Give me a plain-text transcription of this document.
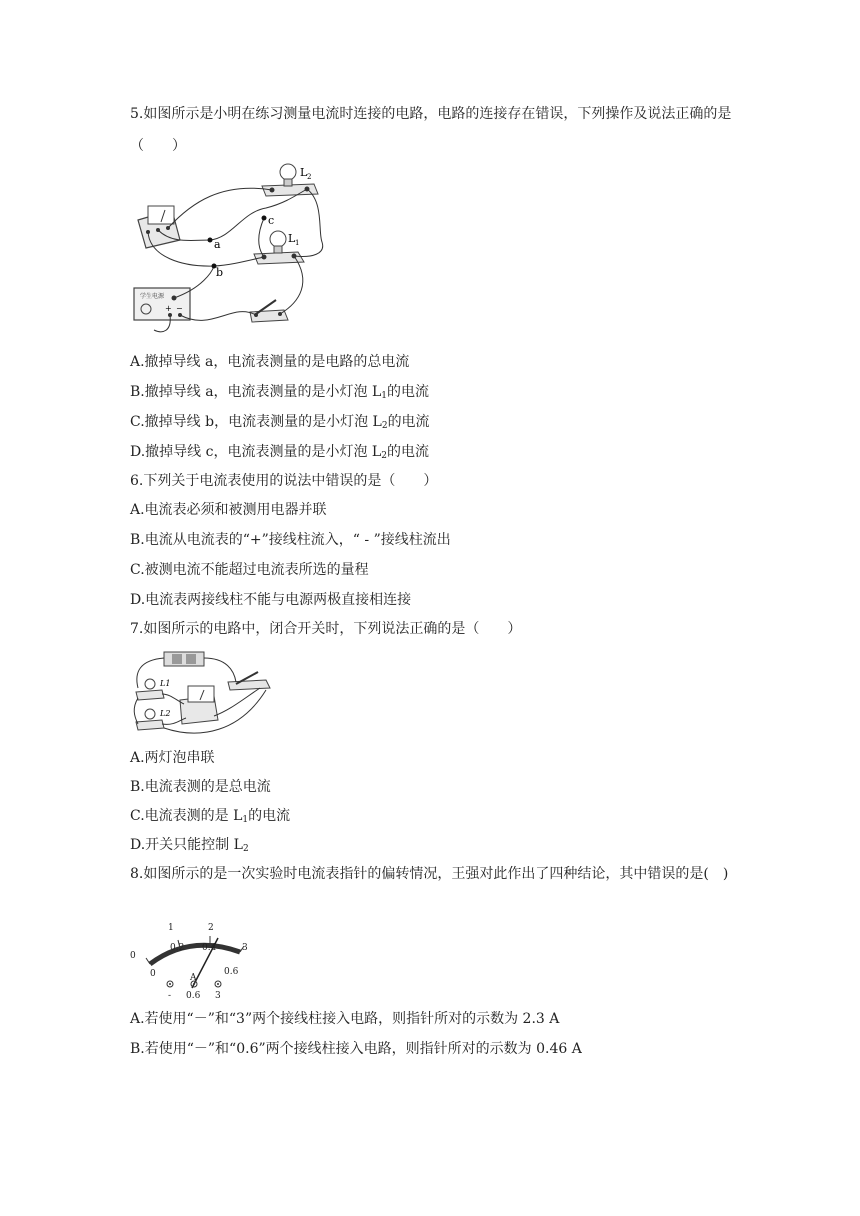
5.如图所示是小明在练习测量电流时连接的电路，电路的连接存在错误，下列操作及说法正确的是（　　）
学生电源
+ −
L 2
L 1
a
b
c
A.撤掉导线 a，电流表测量的是电路的总电流
B.撤掉导线 a，电流表测量的是小灯泡 $L_1$的电流
C.撤掉导线 b，电流表测量的是小灯泡 $L_2$的电流
D.撤掉导线 c，电流表测量的是小灯泡 $L_2$的电流
6.下列关于电流表使用的说法中错误的是（　　）
A.电流表必须和被测用电器并联
B.电流从电流表的“+”接线柱流入，“ - ”接线柱流出
C.被测电流不能超过电流表所选的量程
D.电流表两接线柱不能与电源两极直接相连接
7.如图所示的电路中，闭合开关时，下列说法正确的是（　　）
L1
L2
A.两灯泡串联
B.电流表测的是总电流
C.电流表测的是 $L_1$的电流
D.开关只能控制 $L_2$
8.如图所示的是一次实验时电流表指针的偏转情况，王强对此作出了四种结论，其中错误的是(　)
0
1	2
3
0
0.2 0.4
0.6
A
- 0.6 3
A.若使用“－”和“3”两个接线柱接入电路，则指针所对的示数为 2.3 A
B.若使用“－”和“0.6”两个接线柱接入电路，则指针所对的示数为 0.46 A
